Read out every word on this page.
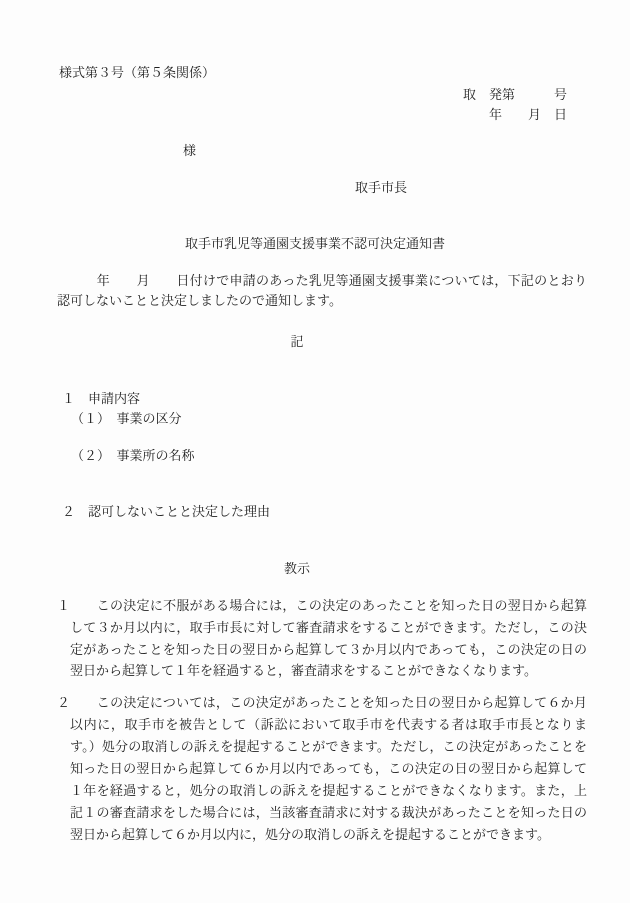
様式第３号（第５条関係）
取　発第　　　号
年　　月　日
様
取手市長
取手市乳児等通園支援事業不認可決定通知書
　　　年　　月　　日付けで申請のあった乳児等通園支援事業については，下記のとおり認可しないことと決定しましたので通知します。
記
１　申請内容
（１）　事業の区分
（２）　事業所の名称
２　認可しないことと決定した理由
教示
１　　この決定に不服がある場合には，この決定のあったことを知った日の翌日から起算して３か月以内に，取手市長に対して審査請求をすることができます。ただし，この決定があったことを知った日の翌日から起算して３か月以内であっても，この決定の日の翌日から起算して１年を経過すると，審査請求をすることができなくなります。
２　　この決定については，この決定があったことを知った日の翌日から起算して６か月以内に，取手市を被告として（訴訟において取手市を代表する者は取手市長となります。）処分の取消しの訴えを提起することができます。ただし，この決定があったことを知った日の翌日から起算して６か月以内であっても，この決定の日の翌日から起算して１年を経過すると，処分の取消しの訴えを提起することができなくなります。また，上記１の審査請求をした場合には，当該審査請求に対する裁決があったことを知った日の翌日から起算して６か月以内に，処分の取消しの訴えを提起することができます。
